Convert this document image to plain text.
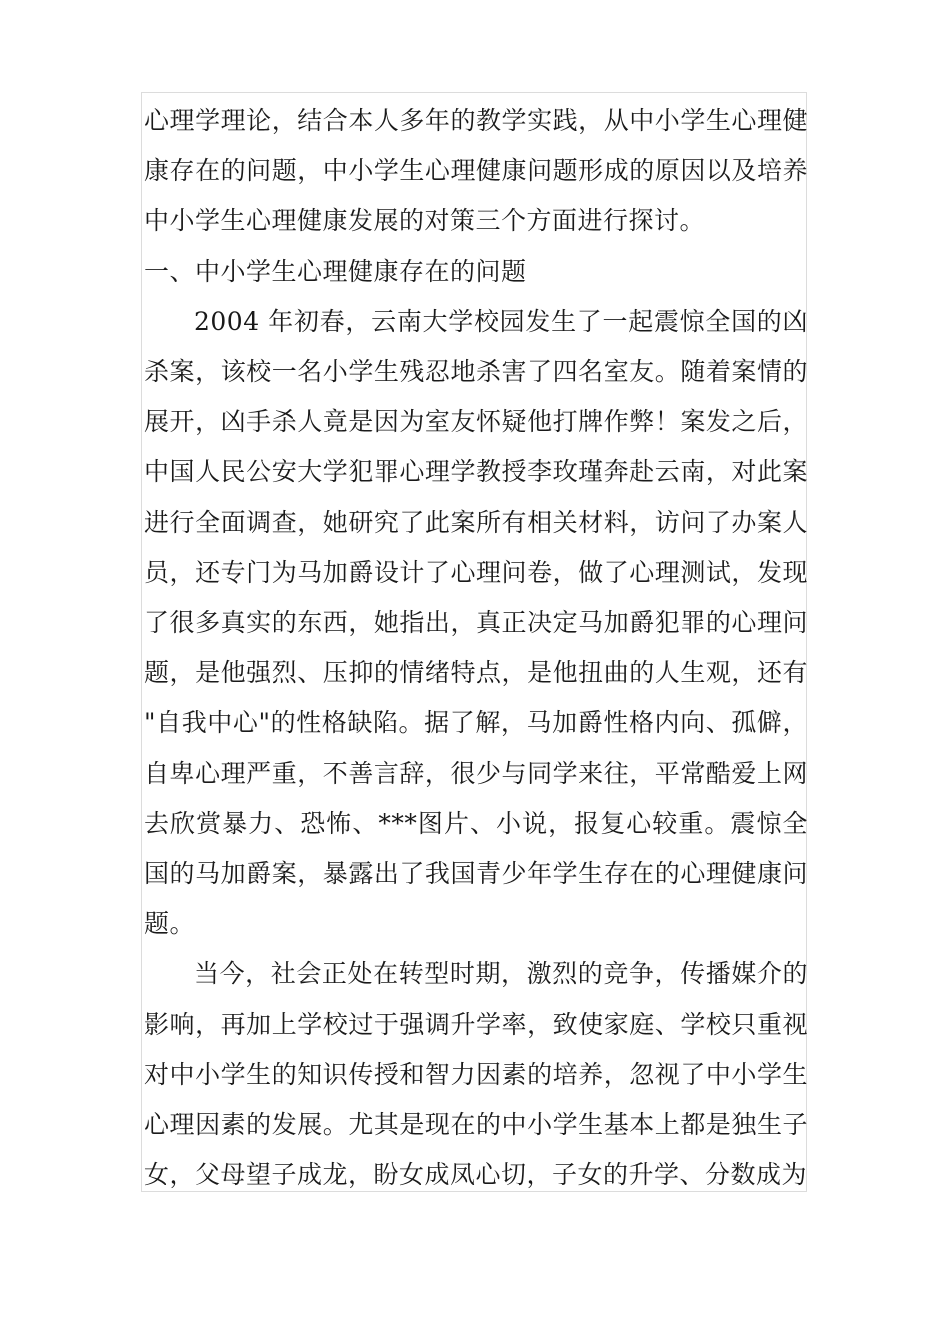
心理学理论，结合本人多年的教学实践，从中小学生心理健康存在的问题，中小学生心理健康问题形成的原因以及培养中小学生心理健康发展的对策三个方面进行探讨。

一、中小学生心理健康存在的问题

2004 年初春，云南大学校园发生了一起震惊全国的凶杀案，该校一名小学生残忍地杀害了四名室友。随着案情的展开，凶手杀人竟是因为室友怀疑他打牌作弊！案发之后，中国人民公安大学犯罪心理学教授李玫瑾奔赴云南，对此案进行全面调查，她研究了此案所有相关材料，访问了办案人员，还专门为马加爵设计了心理问卷，做了心理测试，发现了很多真实的东西，她指出，真正决定马加爵犯罪的心理问题，是他强烈、压抑的情绪特点，是他扭曲的人生观，还有 "自我中心"的性格缺陷。据了解，马加爵性格内向、孤僻，自卑心理严重，不善言辞，很少与同学来往，平常酷爱上网去欣赏暴力、恐怖、***图片、小说，报复心较重。震惊全国的马加爵案，暴露出了我国青少年学生存在的心理健康问题。

当今，社会正处在转型时期，激烈的竞争，传播媒介的影响，再加上学校过于强调升学率，致使家庭、学校只重视对中小学生的知识传授和智力因素的培养，忽视了中小学生心理因素的发展。尤其是现在的中小学生基本上都是独生子女，父母望子成龙，盼女成凤心切，子女的升学、分数成为
